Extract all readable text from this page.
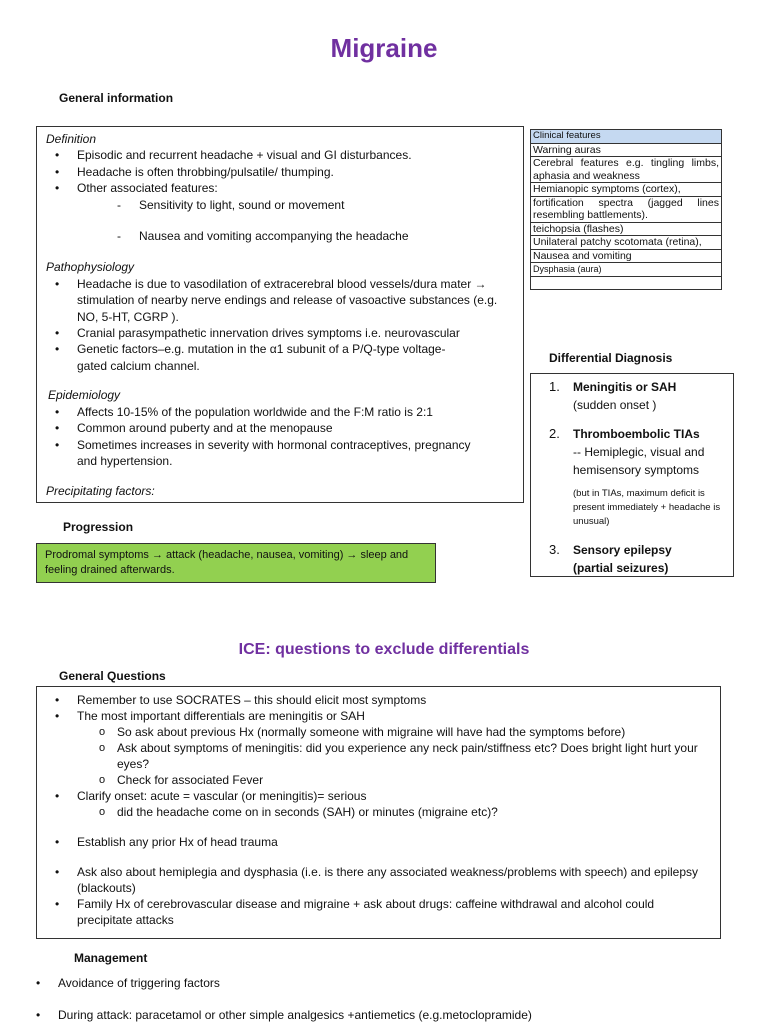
Migraine
General information
Definition
• Episodic and recurrent headache + visual and GI disturbances.
• Headache is often throbbing/pulsatile/ thumping.
• Other associated features:
- Sensitivity to light, sound or movement
- Nausea and vomiting accompanying the headache
Pathophysiology
• Headache is due to vasodilation of extracerebral blood vessels/dura mater → stimulation of nearby nerve endings and release of vasoactive substances (e.g. NO, 5-HT, CGRP ).
• Cranial parasympathetic innervation drives symptoms i.e. neurovascular
• Genetic factors–e.g. mutation in the α1 subunit of a P/Q-type voltage-gated calcium channel.
Epidemiology
• Affects 10-15% of the population worldwide and the F:M ratio is 2:1
• Common around puberty and at the menopause
• Sometimes increases in severity with hormonal contraceptives, pregnancy and hypertension.
Precipitating factors:
Clinical features
Warning auras
Cerebral features e.g. tingling limbs, aphasia and weakness
Hemianopic symptoms (cortex),
fortification spectra (jagged lines resembling battlements).
teichopsia (flashes)
Unilateral patchy scotomata (retina),
Nausea and vomiting
Dysphasia (aura)

Differential Diagnosis
1. Meningitis or SAH
(sudden onset )
2. Thromboembolic TIAs
-- Hemiplegic, visual and hemisensory symptoms
(but in TIAs, maximum deficit is present immediately + headache is unusual)
3. Sensory epilepsy
(partial seizures)
Progression
Prodromal symptoms → attack (headache, nausea, vomiting) → sleep and feeling drained afterwards.
ICE: questions to exclude differentials
General Questions
• Remember to use SOCRATES – this should elicit most symptoms
• The most important differentials are meningitis or SAH
o So ask about previous Hx (normally someone with migraine will have had the symptoms before)
o Ask about symptoms of meningitis: did you experience any neck pain/stiffness etc? Does bright light hurt your eyes?
o Check for associated Fever
• Clarify onset: acute = vascular (or meningitis)= serious
o did the headache come on in seconds (SAH) or minutes (migraine etc)?
• Establish any prior Hx of head trauma
• Ask also about hemiplegia and dysphasia (i.e. is there any associated weakness/problems with speech) and epilepsy (blackouts)
• Family Hx of cerebrovascular disease and migraine + ask about drugs: caffeine withdrawal and alcohol could precipitate attacks
Management
• Avoidance of triggering factors
• During attack: paracetamol or other simple analgesics +antiemetics (e.g.metoclopramide)
